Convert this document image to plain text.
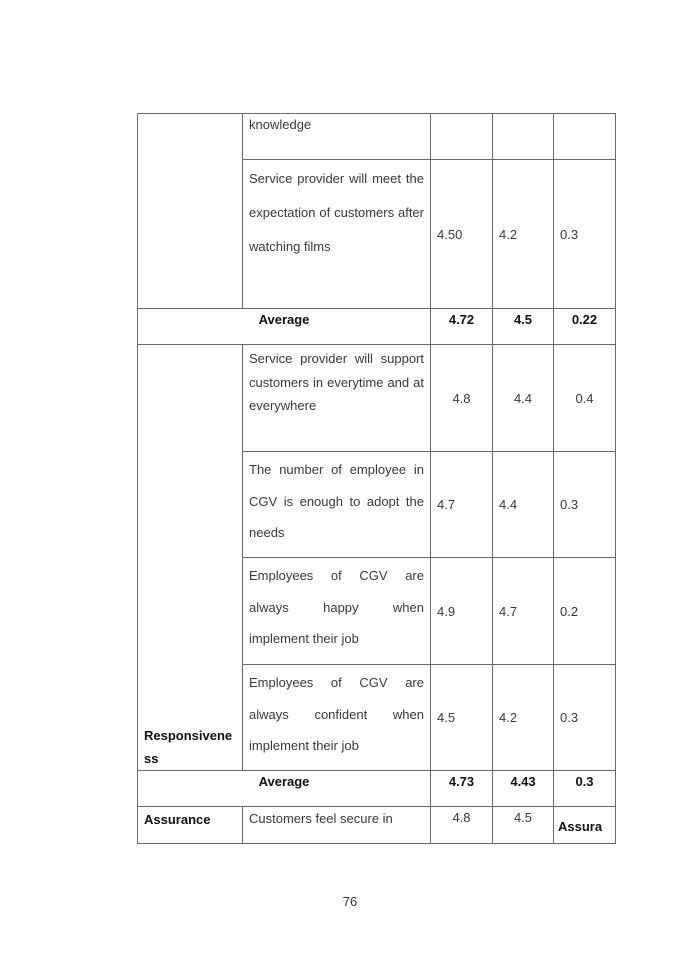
	knowledge			

	Service provider will meet the expectation of customers after watching films	4.50	4.2	0.3

Average		4.72	4.5	0.22

Responsiveness	Service provider will support customers in everytime and at everywhere	4.8	4.4	0.4

	The number of employee in CGV is enough to adopt the needs	4.7	4.4	0.3

	Employees of CGV are always happy when implement their job	4.9	4.7	0.2

	Employees of CGV are always confident when implement their job	4.5	4.2	0.3

Average		4.73	4.43	0.3

Assurance	Customers feel secure in	4.8	4.5	Assura
76
